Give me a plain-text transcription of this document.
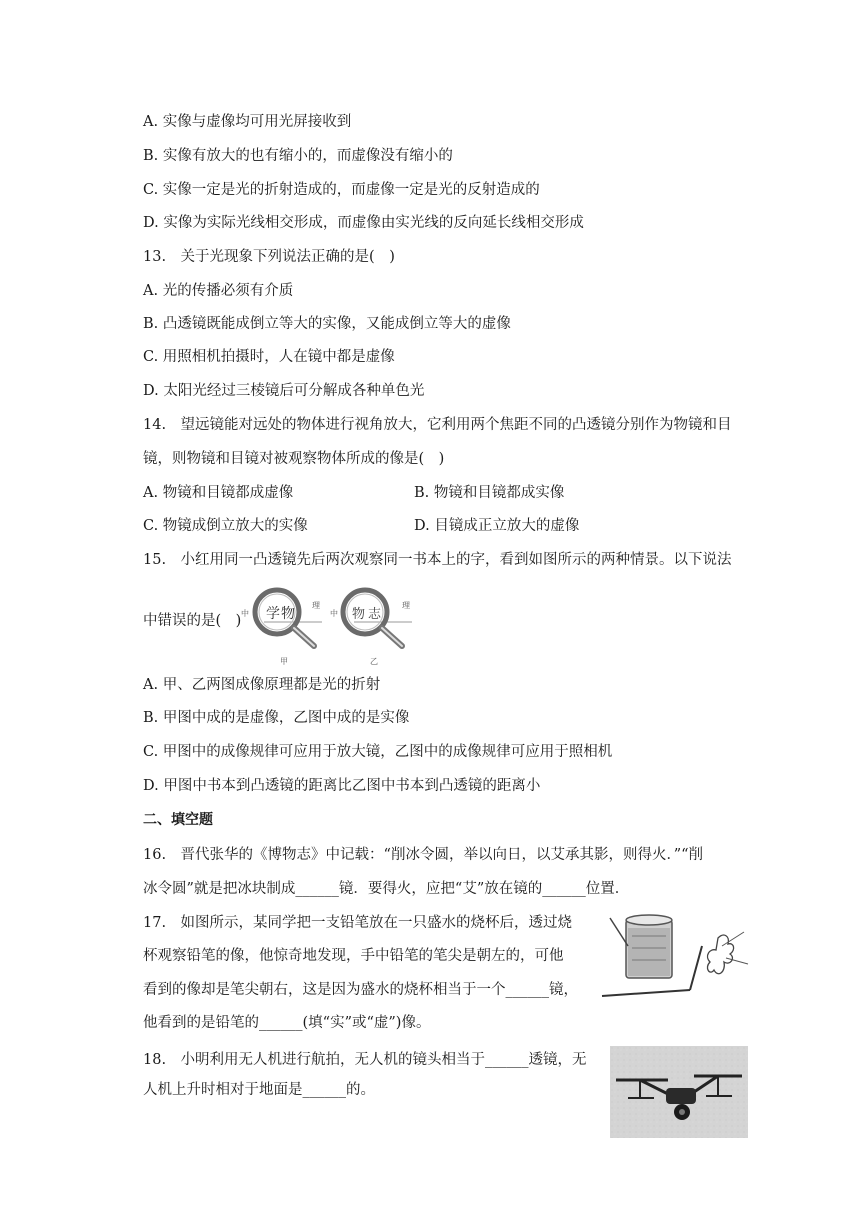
A. 实像与虚像均可用光屏接收到
B. 实像有放大的也有缩小的，而虚像没有缩小的
C. 实像一定是光的折射造成的，而虚像一定是光的反射造成的
D. 实像为实际光线相交形成，而虚像由实光线的反向延长线相交形成
13.　关于光现象下列说法正确的是(　)
A. 光的传播必须有介质
B. 凸透镜既能成倒立等大的实像，又能成倒立等大的虚像
C. 用照相机拍摄时，人在镜中都是虚像
D. 太阳光经过三棱镜后可分解成各种单色光
14.　望远镜能对远处的物体进行视角放大，它利用两个焦距不同的凸透镜分别作为物镜和目
镜，则物镜和目镜对被观察物体所成的像是(　)
A. 物镜和目镜都成虚像	B. 物镜和目镜都成实像
C. 物镜成倒立放大的实像	D. 目镜成正立放大的虚像
15.　小红用同一凸透镜先后两次观察同一书本上的字，看到如图所示的两种情景。以下说法
中错误的是(　) 学 物
中
理
甲
物 志
中
理
乙
A. 甲、乙两图成像原理都是光的折射
B. 甲图中成的是虚像，乙图中成的是实像
C. 甲图中的成像规律可应用于放大镜，乙图中的成像规律可应用于照相机
D. 甲图中书本到凸透镜的距离比乙图中书本到凸透镜的距离小
二、填空题
16.　晋代张华的《博物志》中记载：“削冰令圆，举以向日，以艾承其影，则得火．”“削
冰令圆”就是把冰块制成______镜．要得火，应把“艾”放在镜的______位置．
17.　如图所示，某同学把一支铅笔放在一只盛水的烧杯后，透过烧
杯观察铅笔的像，他惊奇地发现，手中铅笔的笔尖是朝左的，可他
看到的像却是笔尖朝右，这是因为盛水的烧杯相当于一个______镜，
他看到的是铅笔的______(填“实”或“虚”)像。
18.　小明利用无人机进行航拍，无人机的镜头相当于______透镜，无
人机上升时相对于地面是______的。
